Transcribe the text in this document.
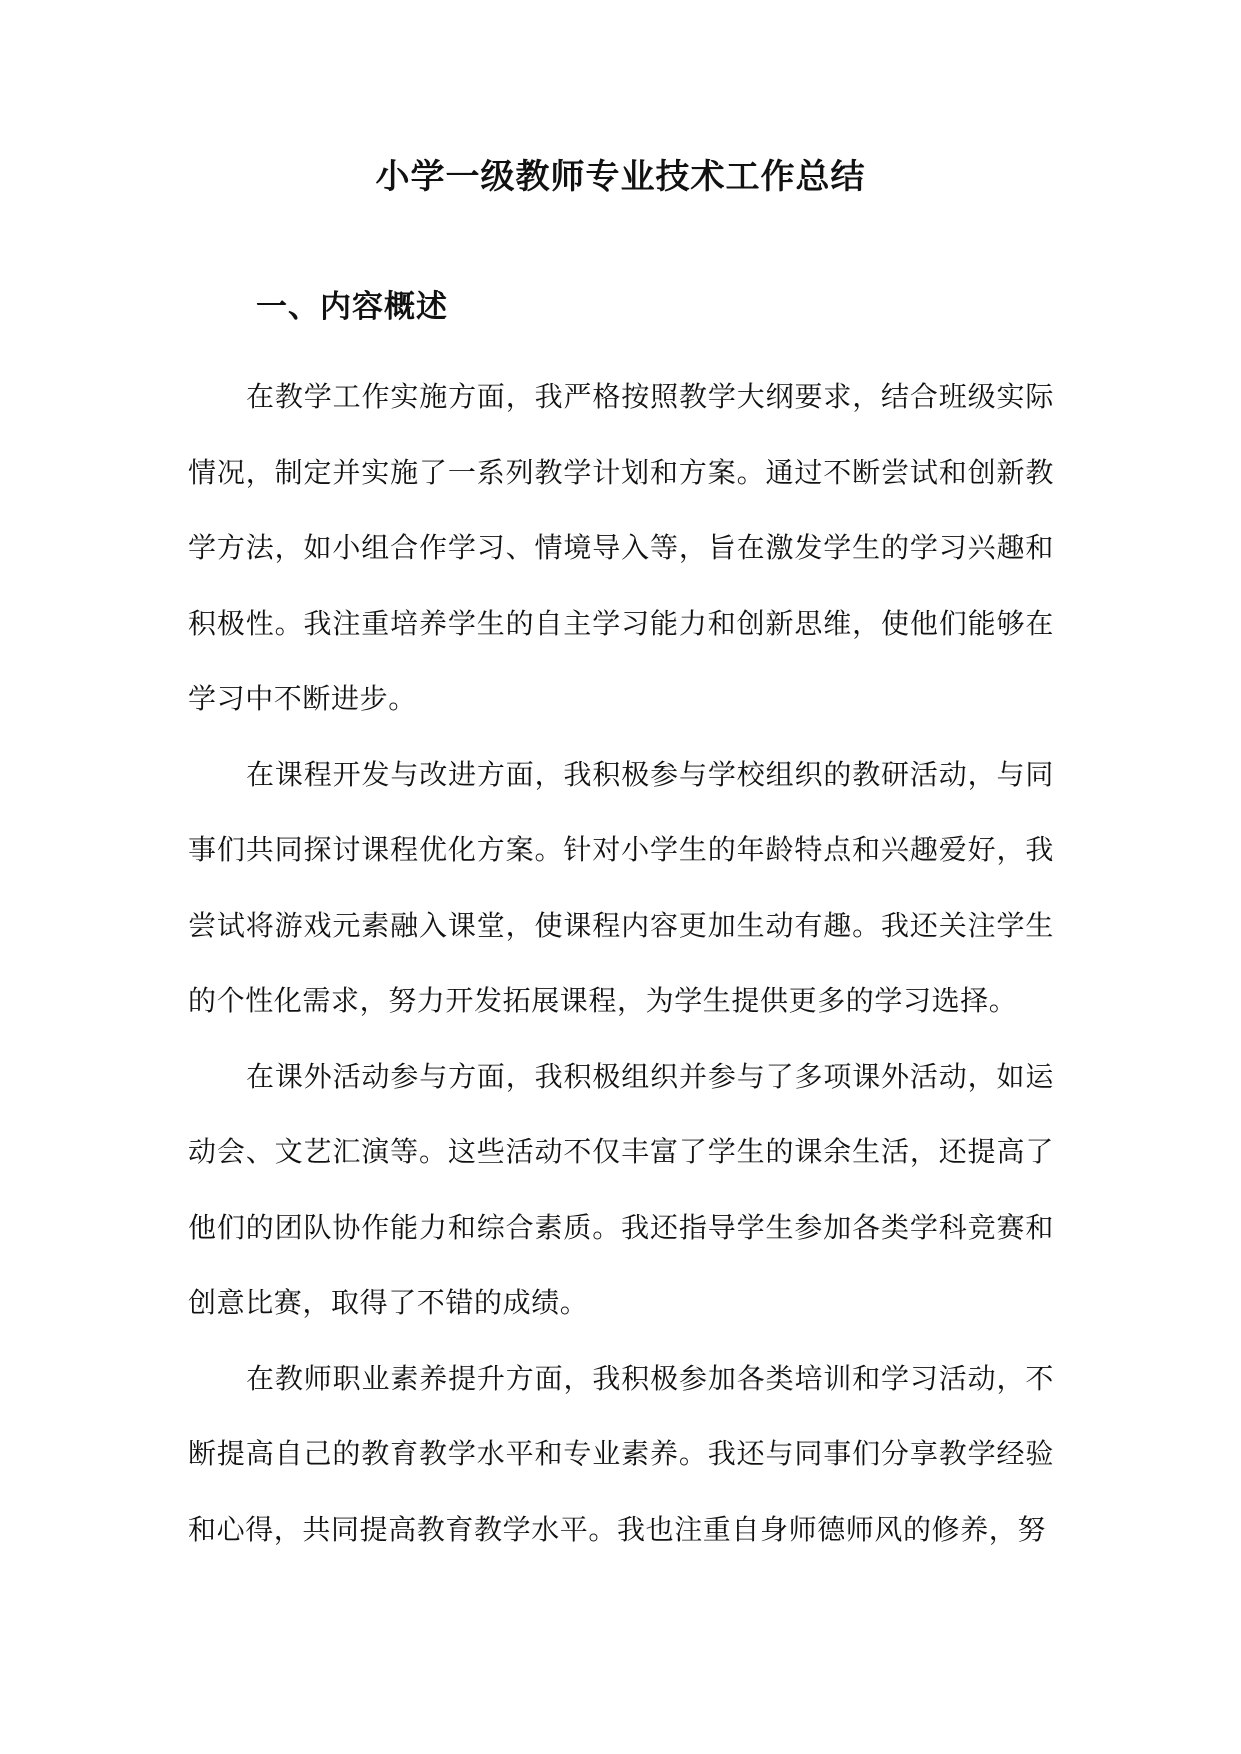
小学一级教师专业技术工作总结
一、内容概述

在教学工作实施方面，我严格按照教学大纲要求，结合班级实际情况，制定并实施了一系列教学计划和方案。通过不断尝试和创新教学方法，如小组合作学习、情境导入等，旨在激发学生的学习兴趣和积极性。我注重培养学生的自主学习能力和创新思维，使他们能够在学习中不断进步。

在课程开发与改进方面，我积极参与学校组织的教研活动，与同事们共同探讨课程优化方案。针对小学生的年龄特点和兴趣爱好，我尝试将游戏元素融入课堂，使课程内容更加生动有趣。我还关注学生的个性化需求，努力开发拓展课程，为学生提供更多的学习选择。

在课外活动参与方面，我积极组织并参与了多项课外活动，如运动会、文艺汇演等。这些活动不仅丰富了学生的课余生活，还提高了他们的团队协作能力和综合素质。我还指导学生参加各类学科竞赛和创意比赛，取得了不错的成绩。

在教师职业素养提升方面，我积极参加各类培训和学习活动，不断提高自己的教育教学水平和专业素养。我还与同事们分享教学经验和心得，共同提高教育教学水平。我也注重自身师德师风的修养，努
